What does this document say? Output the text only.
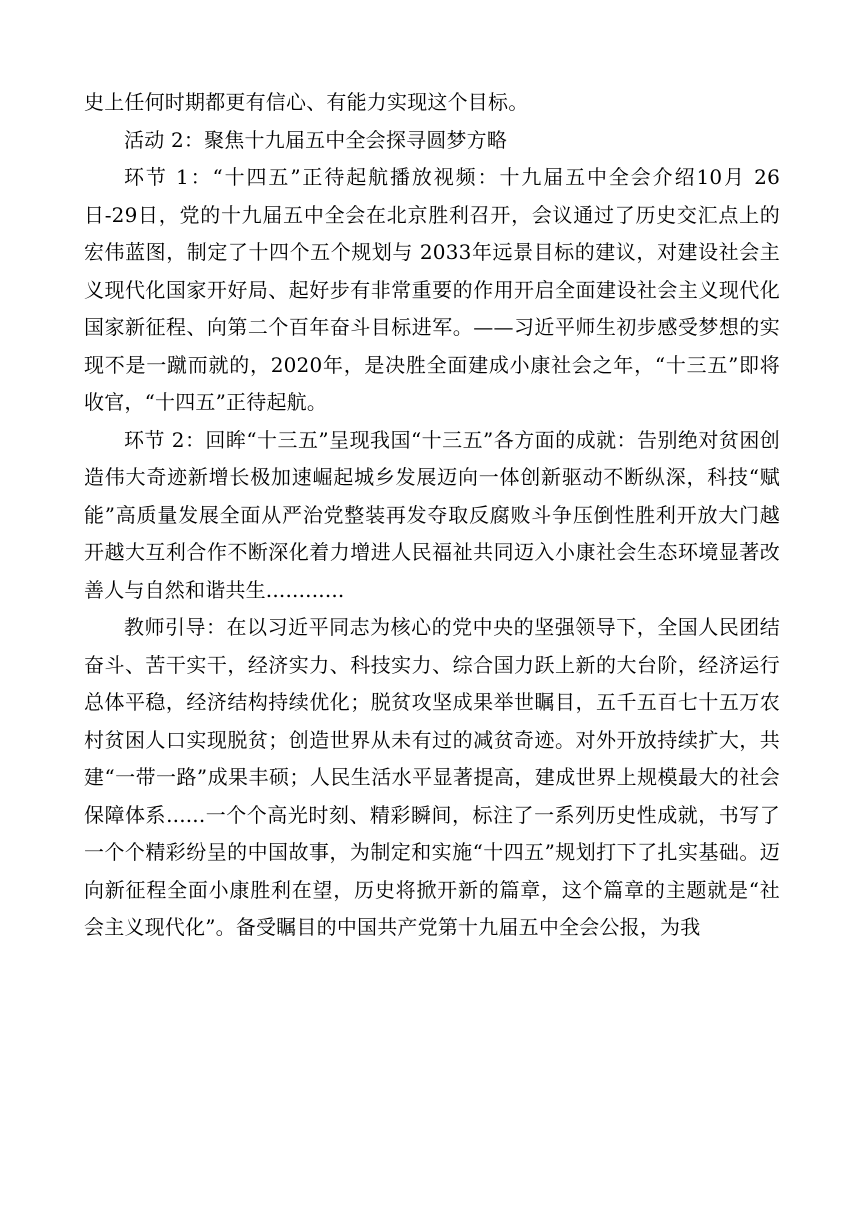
史上任何时期都更有信心、有能力实现这个目标。

活动 2：聚焦十九届五中全会探寻圆梦方略

环节 1：“十四五”正待起航播放视频：十九届五中全会介绍10月 26日-29日，党的十九届五中全会在北京胜利召开，会议通过了历史交汇点上的宏伟蓝图，制定了十四个五个规划与 2033年远景目标的建议，对建设社会主义现代化国家开好局、起好步有非常重要的作用开启全面建设社会主义现代化国家新征程、向第二个百年奋斗目标进军。——习近平师生初步感受梦想的实现不是一蹴而就的，2020年，是决胜全面建成小康社会之年，“十三五”即将收官，“十四五”正待起航。

环节 2：回眸“十三五”呈现我国“十三五”各方面的成就：告别绝对贫困创造伟大奇迹新增长极加速崛起城乡发展迈向一体创新驱动不断纵深，科技“赋能”高质量发展全面从严治党整装再发夺取反腐败斗争压倒性胜利开放大门越开越大互利合作不断深化着力增进人民福祉共同迈入小康社会生态环境显著改善人与自然和谐共生............

教师引导：在以习近平同志为核心的党中央的坚强领导下，全国人民团结奋斗、苦干实干，经济实力、科技实力、综合国力跃上新的大台阶，经济运行总体平稳，经济结构持续优化；脱贫攻坚成果举世瞩目，五千五百七十五万农村贫困人口实现脱贫；创造世界从未有过的减贫奇迹。对外开放持续扩大，共建“一带一路”成果丰硕；人民生活水平显著提高，建成世界上规模最大的社会保障体系......一个个高光时刻、精彩瞬间，标注了一系列历史性成就，书写了一个个精彩纷呈的中国故事，为制定和实施“十四五”规划打下了扎实基础。迈向新征程全面小康胜利在望，历史将掀开新的篇章，这个篇章的主题就是“社会主义现代化”。备受瞩目的中国共产党第十九届五中全会公报，为我
